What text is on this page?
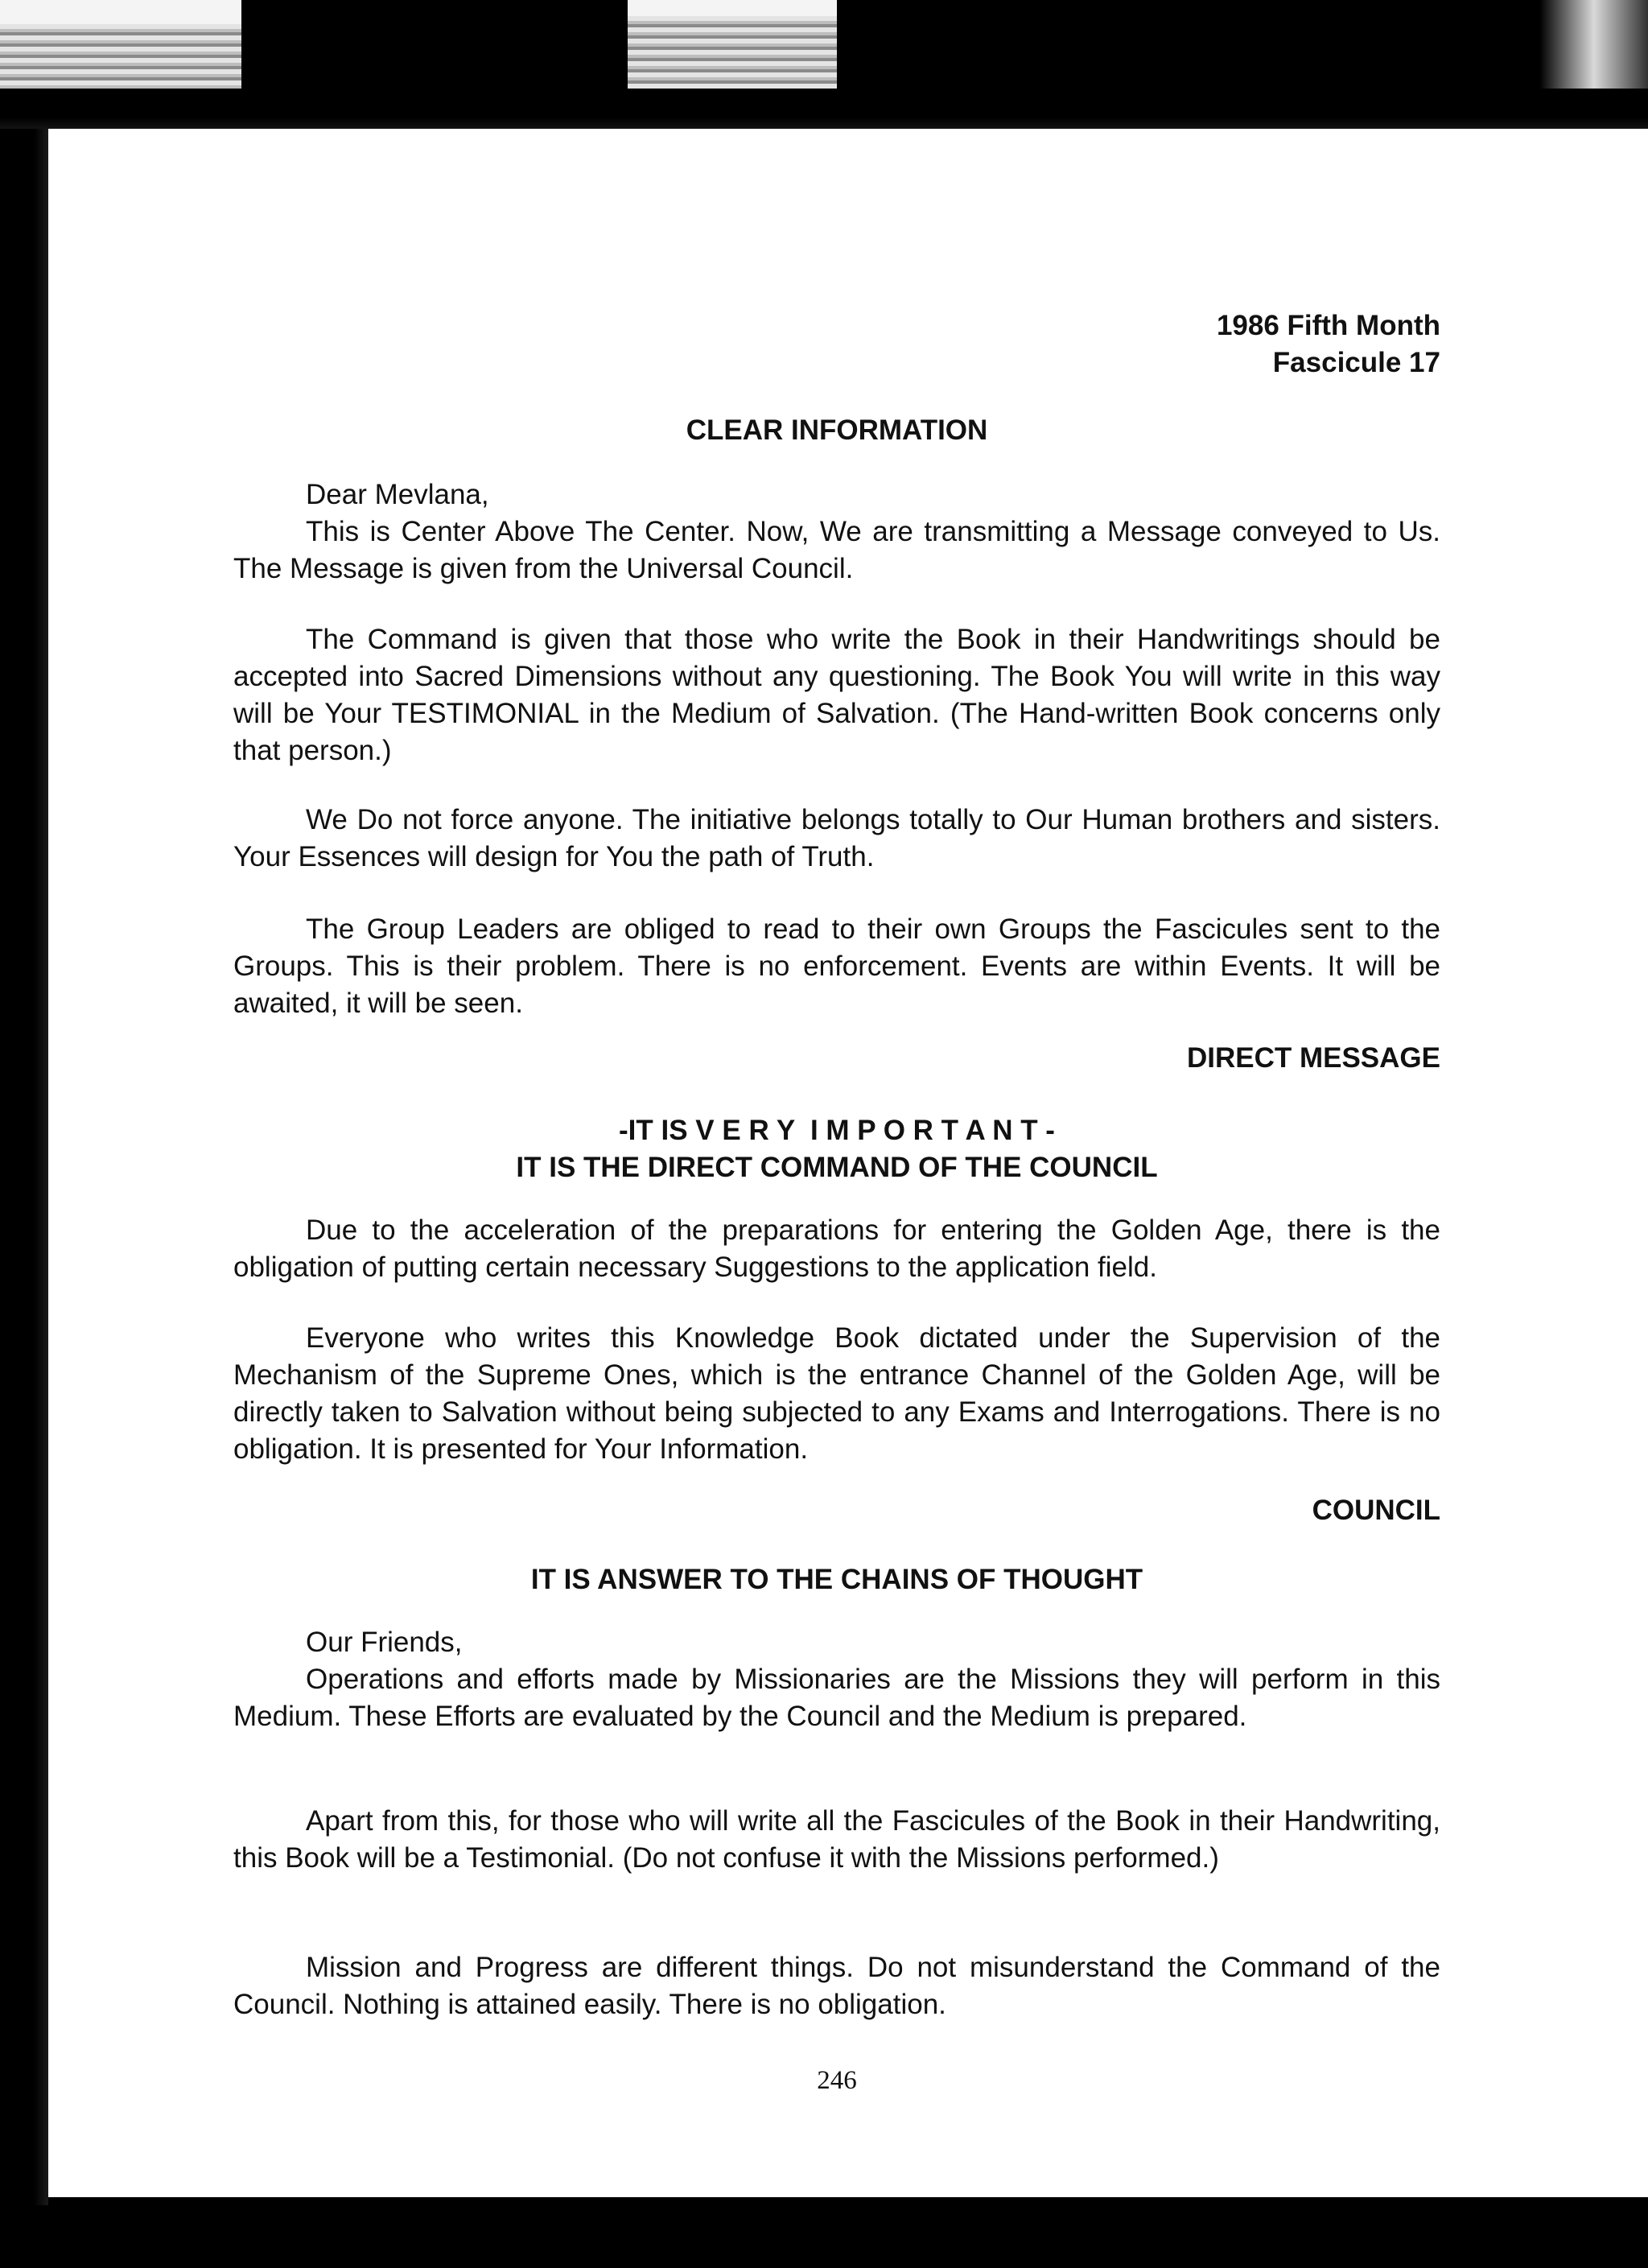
1986 Fifth Month
Fascicule 17
CLEAR INFORMATION
Dear Mevlana,

This is Center Above The Center. Now, We are transmitting a Message conveyed to Us. The Message is given from the Universal Council.

The Command is given that those who write the Book in their Handwritings should be accepted into Sacred Dimensions without any questioning. The Book You will write in this way will be Your TESTIMONIAL in the Medium of Salvation. (The Hand-written Book concerns only that person.)

We Do not force anyone. The initiative belongs totally to Our Human brothers and sisters. Your Essences will design for You the path of Truth.

The Group Leaders are obliged to read to their own Groups the Fascicules sent to the Groups. This is their problem. There is no enforcement. Events are within Events. It will be awaited, it will be seen.

DIRECT MESSAGE
-IT IS V E R Y  I M P O R T A N T -
IT IS THE DIRECT COMMAND OF THE COUNCIL

Due to the acceleration of the preparations for entering the Golden Age, there is the obligation of putting certain necessary Suggestions to the application field.

Everyone who writes this Knowledge Book dictated under the Supervision of the Mechanism of the Supreme Ones, which is the entrance Channel of the Golden Age, will be directly taken to Salvation without being subjected to any Exams and Interrogations. There is no obligation. It is presented for Your Information.

COUNCIL
IT IS ANSWER TO THE CHAINS OF THOUGHT
Our Friends,

Operations and efforts made by Missionaries are the Missions they will perform in this Medium. These Efforts are evaluated by the Council and the Medium is prepared.

Apart from this, for those who will write all the Fascicules of the Book in their Handwriting, this Book will be a Testimonial. (Do not confuse it with the Missions performed.)

Mission and Progress are different things. Do not misunderstand the Command of the Council. Nothing is attained easily. There is no obligation.

246
